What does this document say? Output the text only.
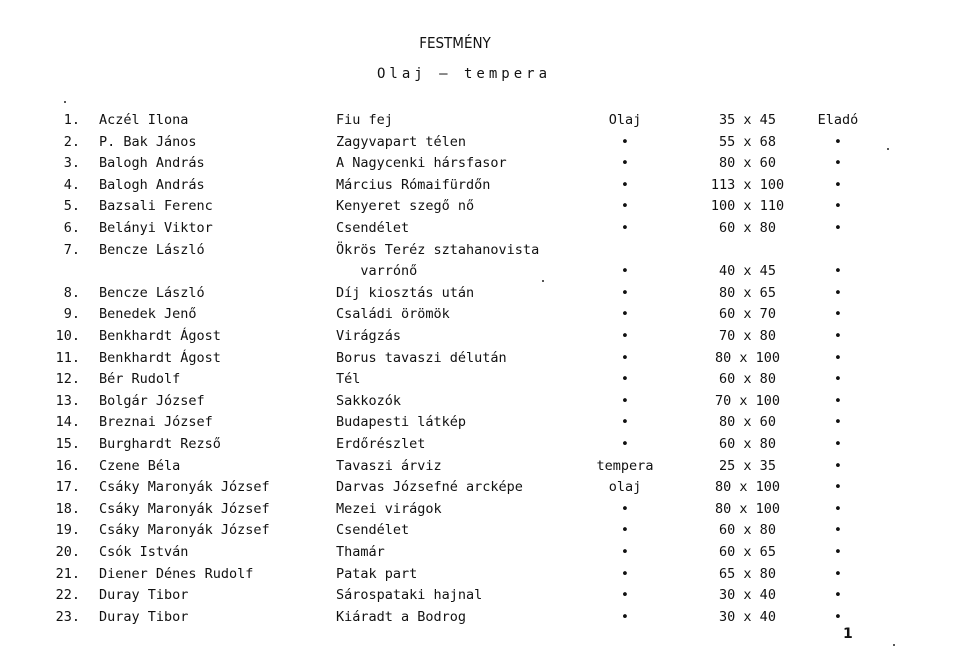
FESTMÉNY
Olaj – tempera
1. Aczél Ilona	Fiu fej	Olaj	35 x 45	Eladó
2. P. Bak János	Zagyvapart télen	•	55 x 68	•
3. Balogh András	A Nagycenki hársfasor	•	80 x 60	•
4. Balogh András	Március Rómaifürdőn	•	113 x 100	•
5. Bazsali Ferenc	Kenyeret szegő nő	•	100 x 110	•
6. Belányi Viktor	Csendélet	•	60 x 80	•
7. Bencze László	Ökrös Teréz sztahanovista
varrónő	•	40 x 45	•
8. Bencze László	Díj kiosztás után	•	80 x 65	•
9. Benedek Jenő	Családi örömök	•	60 x 70	•
10. Benkhardt Ágost	Virágzás	•	70 x 80	•
11. Benkhardt Ágost	Borus tavaszi délután	•	80 x 100	•
12. Bér Rudolf	Tél	•	60 x 80	•
13. Bolgár József	Sakkozók	•	70 x 100	•
14. Breznai József	Budapesti látkép	•	80 x 60	•
15. Burghardt Rezső	Erdőrészlet	•	60 x 80	•
16. Czene Béla	Tavaszi árviz	tempera	25 x 35	•
17. Csáky Maronyák József	Darvas Józsefné arcképe	olaj	80 x 100	•
18. Csáky Maronyák József	Mezei virágok	•	80 x 100	•
19. Csáky Maronyák József	Csendélet	•	60 x 80	•
20. Csók István	Thamár	•	60 x 65	•
21. Diener Dénes Rudolf	Patak part	•	65 x 80	•
22. Duray Tibor	Sárospataki hajnal	•	30 x 40	•
23. Duray Tibor	Kiáradt a Bodrog	•	30 x 40	•
1
